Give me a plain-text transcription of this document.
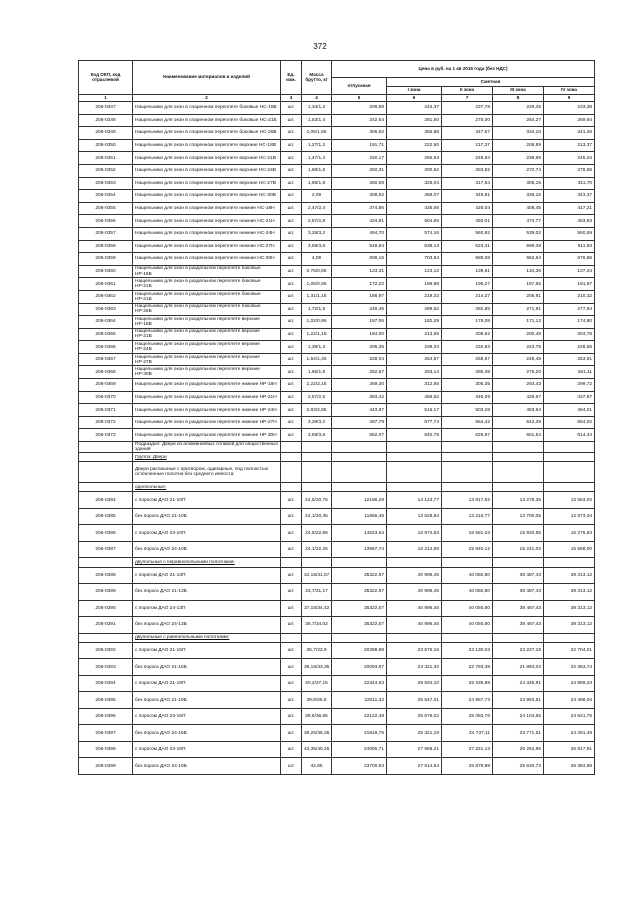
372
Код ОКП, код отраслевой	Наименование материалов и изделий	Ед. изм.	Масса брутто, кг	Цена в руб. на 1 кв 2015 года (без НДС)				
				отпускная	Сметная			
					I зона	II зона	III зона	IV зона
1	2	3	4	5	6	7	8	9
206-0347	Нащельники для окон в спаренном переплете боковые НС-18Б	шт.	1,34/1,2	209,69	243,37	237,78	229,45	233,38
206-0348	Нащельники для окон в спаренном переплете боковые НС-21Б	шт.	1,53/1,4	242,54	281,50	275,00	264,27	269,94
206-0349	Нащельники для окон в спаренном переплете боковые НС-28Б	шт.	2,05/1,85	306,62	355,88	347,67	334,10	341,26
206-0350	Нащельники для окон в спаренном переплете верхние НС-18В	шт.	1,27/1,2	191,71	222,50	217,37	208,89	213,37
206-0351	Нащельники для окон в спаренном переплете верхние НС-21В	шт.	1,47/1,4	220,17	255,53	249,64	239,89	245,04
206-0352	Нащельники для окон в спаренном переплете верхние НС-24В	шт.	1,68/1,6	250,31	290,52	283,82	272,74	278,58
206-0353	Нащельники для окон в спаренном переплете верхние НС-27В	шт.	1,89/1,8	280,08	325,04	317,54	305,15	311,70
206-0354	Нащельники для окон в спаренном переплете верхние НС-30В	шт.	2,09	308,52	358,07	349,81	336,16	343,37
206-0355	Нащельники для окон в спаренном переплете нижние НС-18Н	шт.	2,47/2,4	374,86	435,06	425,04	408,45	417,21
206-0356	Нащельники для окон в спаренном переплете нижние НС-21Н	шт.	2,87/2,8	434,81	504,65	493,01	473,77	483,93
206-0357	Нащельники для окон в спаренном переплете нижние НС-24Н	шт.	3,28/3,2	494,70	574,16	560,92	539,02	550,59
206-0358	Нащельники для окон в спаренном переплете нижние НС-27Н	шт.	3,69/3,6	549,84	638,13	623,41	599,08	611,93
206-0359	Нащельники для окон в спаренном переплете нижние НС-30Н	шт.	4,09	606,15	703,84	689,08	662,64	676,86
206-0360	Нащельники для окон в раздельном переплете боковые НР-18Б	шт.	0,75/0,68	123,31	143,12	139,81	134,36	137,24
206-0361	Нащельники для окон в раздельном переплете боковые НР-21Б	шт.	1,05/0,95	172,22	199,89	195,27	187,65	191,67
206-0362	Нащельники для окон в раздельном переплете боковые НР-21Б	шт.	1,31/1,15	188,97	219,33	214,27	205,91	210,32
206-0363	Нащельники для окон в раздельном переплете боковые НР-26Б	шт.	1,72/1,5	249,45	289,52	282,85	271,81	277,64
206-0364	Нащельники для окон в раздельном переплете верхние НР-18В	шт.	1,02/0,95	157,06	182,29	178,08	171,13	174,80
206-0365	Нащельники для окон в раздельном переплете верхние НР-21В	шт.	1,22/1,15	184,00	213,55	208,62	200,48	204,78
206-0366	Нащельники для окон в раздельном переплете верхние НР-24В	шт.	1,38/1,3	205,35	238,33	232,83	223,75	228,55
206-0367	Нащельники для окон в раздельном переплете верхние НР-27В	шт.	1,54/1,45	228,04	264,67	258,57	248,48	253,81
206-0368	Нащельники для окон в раздельном переплете верхние НР-30В	шт.	1,65/1,6	252,57	293,14	286,38	275,20	281,11
206-0369	Нащельники для окон в раздельном переплете нижние НР-18Н	шт.	2,22/2,15	269,30	312,56	305,35	293,43	299,72
206-0370	Нащельники для окон в раздельном переплете нижние НР-21Н	шт.	2,57/2,5	393,42	456,62	446,09	428,67	437,87
206-0371	Нащельники для окон в раздельном переплете нижние НР-24Н	шт.	2,93/2,85	443,87	515,17	503,28	483,64	494,01
206-0372	Нащельники для окон в раздельном переплете нижние НР-27Н	шт.	3,29/3,2	497,79	577,74	564,42	542,39	554,02
206-0373	Нащельники для окон в раздельном переплете нижние НР-30Н	шт.	3,69/3,6	552,07	640,75	625,97	601,54	614,44
	Подраздел: Двери из алюминиевых сплавов для общественных зданий							
	Группа: Двери							
	Двери распашные с притвором, одинарные, под полностью остекленные полотна без среднего импоста:							
	однопольные:							
206-0384	с порогом ДАО 21-10П	шт.	22,5/20,75	12186,28	14 143,77	13 817,52	13 278,35	13 563,02
206-0385	без порога ДАО 21-10Б	шт.	22,1/20,35	11656,45	13 528,84	13 216,77	12 700,05	12 973,34
206-0386	с порогом ДАО 24-10П	шт.	24,5/22,65	14623,54	16 972,53	16 581,03	15 933,55	16 275,63
206-0387	без порога ДАО 24-10Б	шт.	24,1/22,25	13967,74	16 214,59	15 840,12	15 241,02	15 568,00
	двупольные с неравнопольными полотнами:							
206-0388	с порогом ДАО 21-13П	шт.	34,15/31,57	35322,57	40 996,45	40 050,80	38 487,43	39 313,12
206-0389	без порога ДАО 21-13Б	шт.	33,7/31,17	35322,57	40 996,45	40 050,80	38 487,43	39 313,12
206-0390	с порогом ДАО 24-13П	шт.	37,15/34,42	35322,57	40 996,45	40 050,80	38 487,43	39 313,12
206-0391	без порога ДАО 24-13Б	шт.	36,7/34,02	35322,57	40 996,45	40 050,80	38 487,43	39 313,12
	двупольные с равнопольными полотнами:							
206-0392	с порогом ДАО 21-15П	шт.	36,7/33,9	20399,89	23 676,16	23 130,03	22 227,18	22 704,01
206-0393	без порога ДАО 21-15Б	шт.	36,15/33,35	20093,67	23 321,32	22 783,38	21 894,04	22 363,74
206-0394	с порогом ДАО 21-19П	шт.	40,2/37,15	22344,63	25 934,10	25 335,88	24 346,91	24 869,23
206-0395	без порога ДАО 21-19Б	шт.	39,6/36,6	22011,32	25 547,01	24 957,73	23 983,51	24 498,04
206-0396	с порогом ДАО 24-15П	шт.	39,6/36,65	22122,48	25 676,02	25 083,76	24 104,65	24 621,75
206-0397	без порога ДАО 24-15Б	шт.	39,25/36,35	21818,75	25 321,19	24 737,11	23 771,51	24 281,49
206-0398	с порогом ДАО 24-19П	шт.	43,35/40,25	24065,71	27 968,21	27 321,13	26 254,86	26 817,91
206-0399	без порога ДАО 24-19Б	шт	42,85	23700,83	27 514,64	26 879,98	25 630,73	26 384,88
